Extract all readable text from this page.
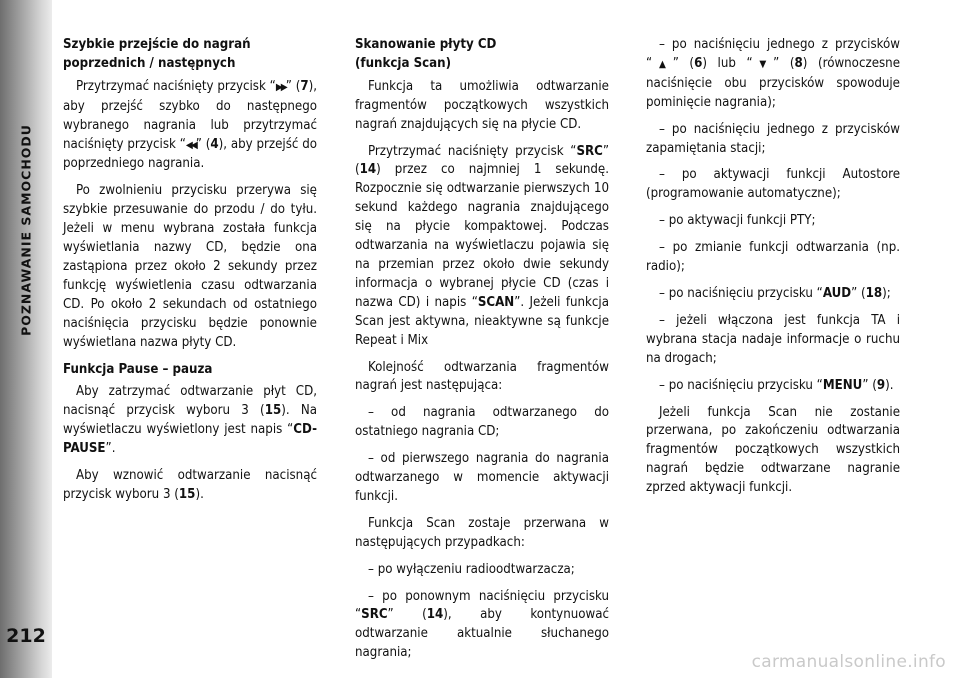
POZNAWANIE SAMOCHODU
212
Szybkie przejście do nagrań
poprzednich / następnych

Przytrzymać naciśnięty przycisk “▶▶” (7), aby przejść szybko do następnego wybranego nagrania lub przytrzymać naciśnięty przycisk “◀◀” (4), aby przejść do poprzedniego nagrania.

Po zwolnieniu przycisku przerywa się szybkie przesuwanie do przodu / do tyłu. Jeżeli w menu wybrana została funkcja wyświetlania nazwy CD, będzie ona zastąpiona przez około 2 sekundy przez funkcję wyświetlenia czasu odtwarzania CD. Po około 2 sekundach od ostatniego naciśnięcia przycisku będzie ponownie wyświetlana nazwa płyty CD.

Funkcja Pause – pauza

Aby zatrzymać odtwarzanie płyt CD, nacisnąć przycisk wyboru 3 (15). Na wyświetlaczu wyświetlony jest napis “CD-PAUSE”.

Aby wznowić odtwarzanie nacisnąć przycisk wyboru 3 (15).

Skanowanie płyty CD
(funkcja Scan)

Funkcja ta umożliwia odtwarzanie fragmentów początkowych wszystkich nagrań znajdujących się na płycie CD.

Przytrzymać naciśnięty przycisk “SRC” (14) przez co najmniej 1 sekundę. Rozpocznie się odtwarzanie pierwszych 10 sekund każdego nagrania znajdującego się na płycie kompaktowej. Podczas odtwarzania na wyświetlaczu pojawia się na przemian przez około dwie sekundy informacja o wybranej płycie CD (czas i nazwa CD) i napis “SCAN”. Jeżeli funkcja Scan jest aktywna, nieaktywne są funkcje Repeat i Mix

Kolejność odtwarzania fragmentów nagrań jest następująca:

– od nagrania odtwarzanego do ostatniego nagrania CD;

– od pierwszego nagrania do nagrania odtwarzanego w momencie aktywacji funkcji.

Funkcja Scan zostaje przerwana w następujących przypadkach:

– po wyłączeniu radioodtwarzacza;

– po ponownym naciśnięciu przycisku “SRC” (14), aby kontynuować odtwarzanie aktualnie słuchanego nagrania;

– po naciśnięciu jednego z przycisków “▲” (6) lub “▼” (8) (równoczesne naciśnięcie obu przycisków spowoduje pominięcie nagrania);

– po naciśnięciu jednego z przycisków zapamiętania stacji;

– po aktywacji funkcji Autostore (programowanie automatyczne);

– po aktywacji funkcji PTY;

– po zmianie funkcji odtwarzania (np. radio);

– po naciśnięciu przycisku “AUD” (18);

– jeżeli włączona jest funkcja TA i wybrana stacja nadaje informacje o ruchu na drogach;

– po naciśnięciu przycisku “MENU” (9).

Jeżeli funkcja Scan nie zostanie przerwana, po zakończeniu odtwarzania fragmentów początkowych wszystkich nagrań będzie odtwarzane nagranie zprzed aktywacji funkcji.

carmanualsonline.info
